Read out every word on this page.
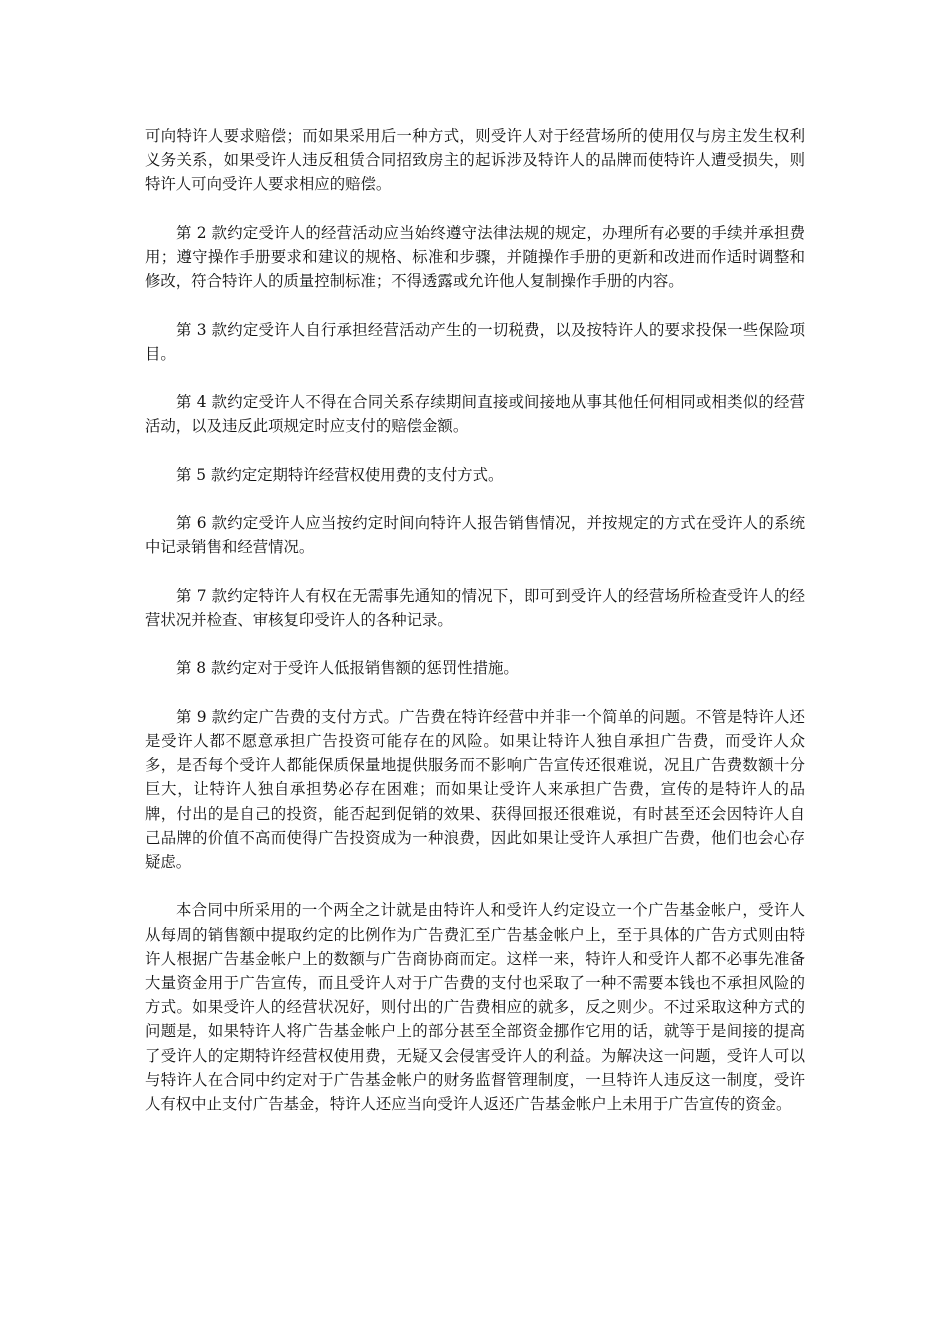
可向特许人要求赔偿；而如果采用后一种方式，则受许人对于经营场所的使用仅与房主发生权利义务关系，如果受许人违反租赁合同招致房主的起诉涉及特许人的品牌而使特许人遭受损失，则特许人可向受许人要求相应的赔偿。

第 2 款约定受许人的经营活动应当始终遵守法律法规的规定，办理所有必要的手续并承担费用；遵守操作手册要求和建议的规格、标准和步骤，并随操作手册的更新和改进而作适时调整和修改，符合特许人的质量控制标准；不得透露或允许他人复制操作手册的内容。

第 3 款约定受许人自行承担经营活动产生的一切税费，以及按特许人的要求投保一些保险项目。

第 4 款约定受许人不得在合同关系存续期间直接或间接地从事其他任何相同或相类似的经营活动，以及违反此项规定时应支付的赔偿金额。

第 5 款约定定期特许经营权使用费的支付方式。

第 6 款约定受许人应当按约定时间向特许人报告销售情况，并按规定的方式在受许人的系统中记录销售和经营情况。

第 7 款约定特许人有权在无需事先通知的情况下，即可到受许人的经营场所检查受许人的经营状况并检查、审核复印受许人的各种记录。

第 8 款约定对于受许人低报销售额的惩罚性措施。

第 9 款约定广告费的支付方式。广告费在特许经营中并非一个简单的问题。不管是特许人还是受许人都不愿意承担广告投资可能存在的风险。如果让特许人独自承担广告费，而受许人众多，是否每个受许人都能保质保量地提供服务而不影响广告宣传还很难说，况且广告费数额十分巨大，让特许人独自承担势必存在困难；而如果让受许人来承担广告费，宣传的是特许人的品牌，付出的是自己的投资，能否起到促销的效果、获得回报还很难说，有时甚至还会因特许人自己品牌的价值不高而使得广告投资成为一种浪费，因此如果让受许人承担广告费，他们也会心存疑虑。

本合同中所采用的一个两全之计就是由特许人和受许人约定设立一个广告基金帐户，受许人从每周的销售额中提取约定的比例作为广告费汇至广告基金帐户上，至于具体的广告方式则由特许人根据广告基金帐户上的数额与广告商协商而定。这样一来，特许人和受许人都不必事先准备大量资金用于广告宣传，而且受许人对于广告费的支付也采取了一种不需要本钱也不承担风险的方式。如果受许人的经营状况好，则付出的广告费相应的就多，反之则少。不过采取这种方式的问题是，如果特许人将广告基金帐户上的部分甚至全部资金挪作它用的话，就等于是间接的提高了受许人的定期特许经营权使用费，无疑又会侵害受许人的利益。为解决这一问题，受许人可以与特许人在合同中约定对于广告基金帐户的财务监督管理制度，一旦特许人违反这一制度，受许人有权中止支付广告基金，特许人还应当向受许人返还广告基金帐户上未用于广告宣传的资金。
